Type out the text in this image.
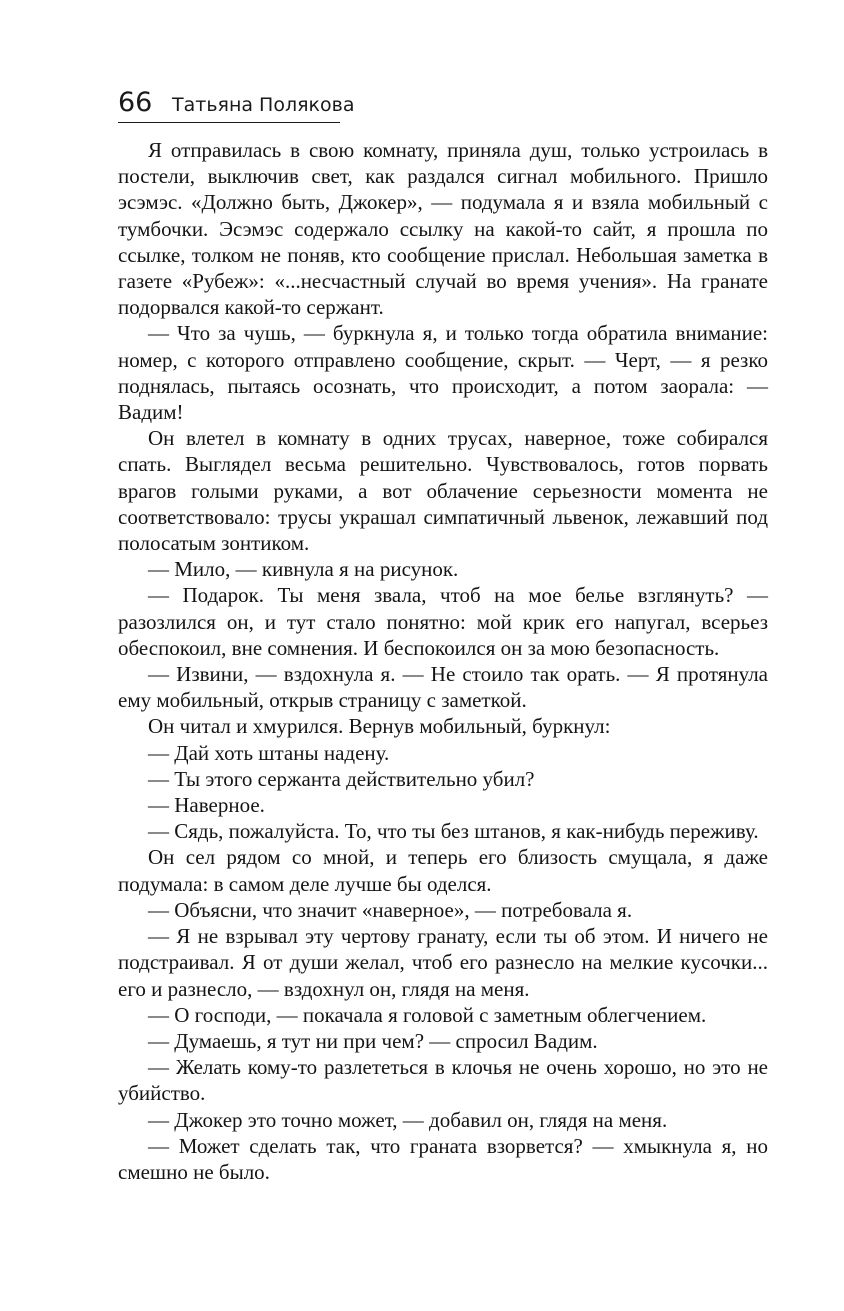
66 Татьяна Полякова

Я отправилась в свою комнату, приняла душ, только устроилась в постели, выключив свет, как раздался сигнал мобильного. Пришло эсэмэс. «Должно быть, Джокер», — подумала я и взяла мобильный с тумбочки. Эсэмэс содержало ссылку на какой-то сайт, я прошла по ссылке, толком не поняв, кто сообщение прислал. Небольшая заметка в газете «Рубеж»: «...несчастный случай во время учения». На гранате подорвался какой-то сержант.

— Что за чушь, — буркнула я, и только тогда обратила внимание: номер, с которого отправлено сообщение, скрыт. — Черт, — я резко поднялась, пытаясь осознать, что происходит, а потом заорала: — Вадим!

Он влетел в комнату в одних трусах, наверное, тоже собирался спать. Выглядел весьма решительно. Чувствовалось, готов порвать врагов голыми руками, а вот облачение серьезности момента не соответствовало: трусы украшал симпатичный львенок, лежавший под полосатым зонтиком.

— Мило, — кивнула я на рисунок.

— Подарок. Ты меня звала, чтоб на мое белье взглянуть? — разозлился он, и тут стало понятно: мой крик его напугал, всерьез обеспокоил, вне сомнения. И беспокоился он за мою безопасность.

— Извини, — вздохнула я. — Не стоило так орать. — Я протянула ему мобильный, открыв страницу с заметкой.

Он читал и хмурился. Вернув мобильный, буркнул:

— Дай хоть штаны надену.

— Ты этого сержанта действительно убил?

— Наверное.

— Сядь, пожалуйста. То, что ты без штанов, я как-нибудь переживу.

Он сел рядом со мной, и теперь его близость смущала, я даже подумала: в самом деле лучше бы оделся.

— Объясни, что значит «наверное», — потребовала я.

— Я не взрывал эту чертову гранату, если ты об этом. И ничего не подстраивал. Я от души желал, чтоб его разнесло на мелкие кусочки... его и разнесло, — вздохнул он, глядя на меня.

— О господи, — покачала я головой с заметным облегчением.

— Думаешь, я тут ни при чем? — спросил Вадим.

— Желать кому-то разлететься в клочья не очень хорошо, но это не убийство.

— Джокер это точно может, — добавил он, глядя на меня.

— Может сделать так, что граната взорвется? — хмыкнула я, но смешно не было.
